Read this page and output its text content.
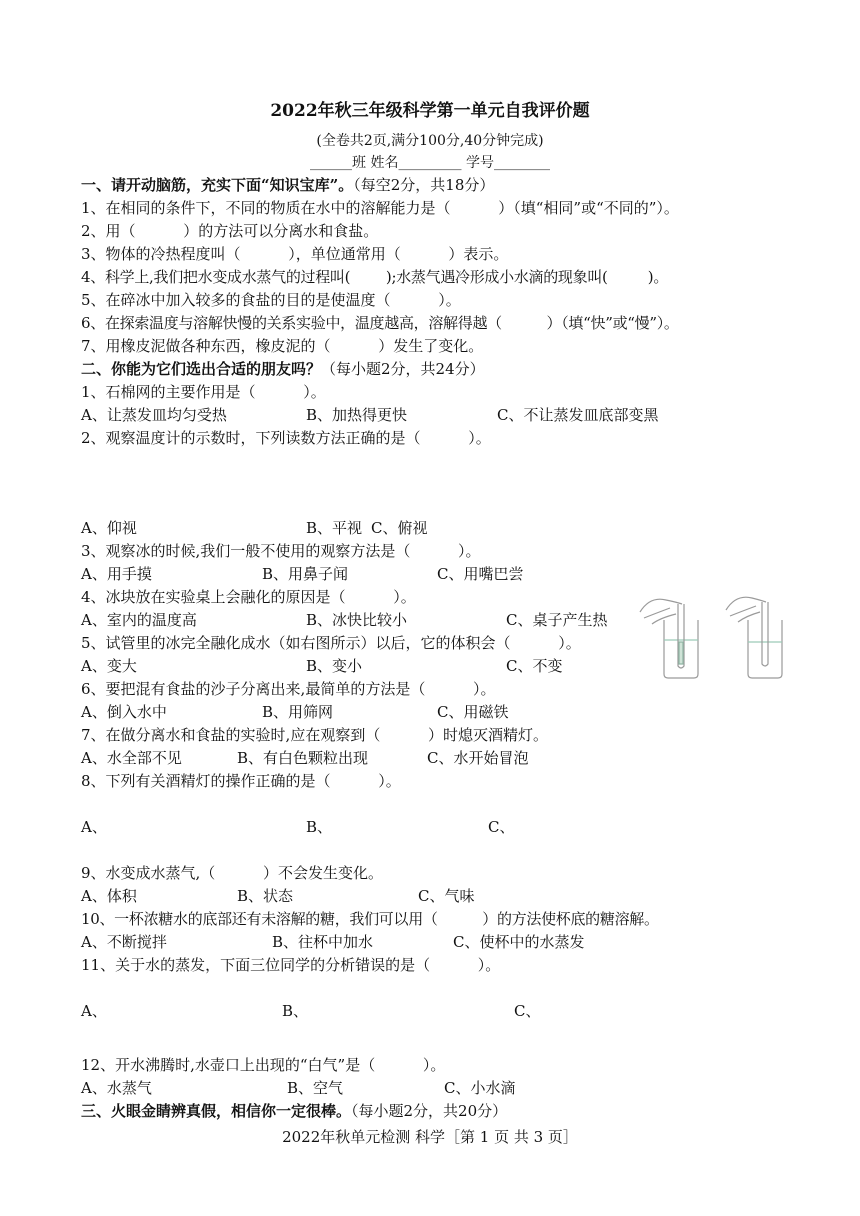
2022年秋三年级科学第一单元自我评价题
(全卷共2页,满分100分,40分钟完成)
______班 姓名_________ 学号________
一、请开动脑筋，充实下面“知识宝库”。（每空2分，共18分）
1、在相同的条件下，不同的物质在水中的溶解能力是（          ）（填“相同”或“不同的”）。
2、用（          ）的方法可以分离水和食盐。
3、物体的冷热程度叫（          ），单位通常用（          ）表示。
4、科学上,我们把水变成水蒸气的过程叫(        );水蒸气遇冷形成小水滴的现象叫(         )。
5、在碎冰中加入较多的食盐的目的是使温度（          ）。
6、在探索温度与溶解快慢的关系实验中，温度越高，溶解得越（          ）（填“快”或“慢”）。
7、用橡皮泥做各种东西，橡皮泥的（          ）发生了变化。
二、你能为它们选出合适的朋友吗？（每小题2分，共24分）
1、石棉网的主要作用是（          ）。
A、让蒸发皿均匀受热	B、加热得更快	C、不让蒸发皿底部变黑
2、观察温度计的示数时，下列读数方法正确的是（          ）。
A、仰视	B、平视 C、俯视
3、观察冰的时候,我们一般不使用的观察方法是（          ）。
A、用手摸	B、用鼻子闻	C、用嘴巴尝
4、冰块放在实验桌上会融化的原因是（          ）。
A、室内的温度高	B、冰快比较小	C、桌子产生热
5、试管里的冰完全融化成水（如右图所示）以后，它的体积会（          ）。
A、变大	B、变小	C、不变
6、要把混有食盐的沙子分离出来,最简单的方法是（          ）。
A、倒入水中	B、用筛网	C、用磁铁
7、在做分离水和食盐的实验时,应在观察到（          ）时熄灭酒精灯。
A、水全部不见	B、有白色颗粒出现	C、水开始冒泡
8、下列有关酒精灯的操作正确的是（          ）。
A、	B、	C、
9、水变成水蒸气,（          ）不会发生变化。
A、体积	B、状态	C、气味
10、一杯浓糖水的底部还有未溶解的糖，我们可以用（          ）的方法使杯底的糖溶解。
A、不断搅拌	B、往杯中加水	C、使杯中的水蒸发
11、关于水的蒸发，下面三位同学的分析错误的是（          ）。
A、	B、	C、
12、开水沸腾时,水壶口上出现的“白气”是（          ）。
A、水蒸气	B、空气	C、小水滴
三、火眼金睛辨真假，相信你一定很棒。（每小题2分，共20分）
2022年秋单元检测 科学［第 1 页 共 3 页］
